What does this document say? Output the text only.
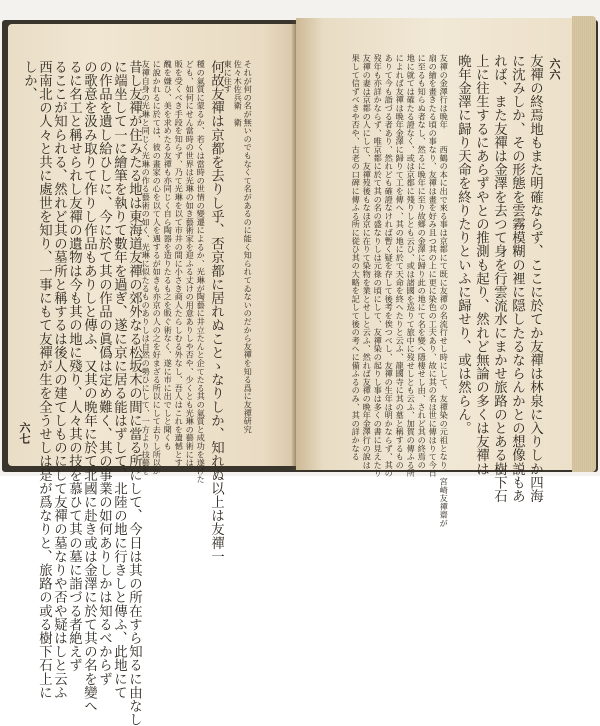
それが何の名が無いのでもなくて名があるのに能く知られてゐないのだから友禪を知る爲に友禪研究
佐々木佐兵衛　衛
東に住す
何故友禪は京都を去りし乎、否京都に居れぬことゝなりしか、知れぬ以上は友禪一
種の氣質に蒙るか、若くは當時の世情の變遷によるか、光琳が陶藝に井立たんと企てたる其の氣質と成功を遂げた
ども、如何にせん當時の世界は光琳の如き藝術家を迎ふる丈けの用意ありしや否や、少くとも光琳の藝術には
販を受くべき手段を知らず、乃て光琳を以て市井の間に小さき商人たらしむる外なし、吾人はこれを遺憾とす
醜を嫌ひ、美を求めたる友禪も亦同じく自ら陶器を造りたるも之を販ぐ術なく、遂に市に出でしと聞くも
に說かれるに於ては、彼の畫家の心を以て人を遇するが如きも亦京の人の之を好まざる所以にして去りし所以か
友禪自身の光琳と同じく光琳の作る藝術の如く、光琳に似たるものありしは自然の勢ひにして、一方より技藝を
昔し友禪が住みたる地は東海道友禪の郊外なる松坂木の間に當る所にして、今日は其の所在すら知るに由なし
に端坐して一に繪筆を執りて數年を過ぎ、遂に京に居る能はずして、北陸の地に行きしと傳ふ、此地にて
の作品を遺し給ひしに、今に於て其の作品の眞僞は定め難く、其の事業の如何ありしかは知るべからず
の歌意を汲み取りて作りし作品もありしと傳ふ、又其の晩年に於て北國に赴き或は金澤に於て其の名を變へ
るに名工と稱せられし友禪の遺物は今も其の地に殘り、人々其の技を慕ひて其の墓に詣づる者絶えず
るここが知られる、然れど其の墓所と稱するは後人の建てしものにして友禪の墓なりや否や疑はしと云ふ
西南北の人々と共に處世を知り、一事にもて友禪が生を全うせしは是が爲なりと、旅路の或る樹下石上に
しか、
六七
六六
友禪の終焉地もまた明確ならず、ここに於てか友禪は林泉に入りしか四海
に沈みしか、その形態を雲霧模糊の裡に隠したるならんかとの想像説もあ
れば、また友禪は金澤を去つて身を行雲流水にまかせ旅路のとある樹下石
上に往生するにあらずやとの推測も起り、然れど無論の多くは友禪は
晩年金澤に歸り天命を終りたりといふに歸せり、或は然らん。
友禪の金澤行は晩年　　西鶴の本に出で來る事は京都にて既に友禪の名流行せし時にして、友禪染の元祖となり、宮崎友禪齋が
扇の繪を畫きたる頃の事なり、友禪は畫を好み且つ其の上に更に染色の工夫あり、故に其の名は世に傳はりて今日
に至るも知らぬ者なし、然るに晩年に至り故郷の金澤に歸り此の地にて名を變へ隱棲せし由、されど其の終焉の
地に就ては確たる證なく、或は京都に殘りしとも云ひ、或は諸國を巡りて旅中に歿せしとも云ふ、加賀の傳ふる所
によれば友禪は晩年金澤に歸りて工を傳へ、其の地に於て天命を終へたりと云ふ、龍國寺に其の墓と稱するもの
ありて今も詣づる者あり、然れども確證なければ暫く疑を存して後考を俟つべし、友禪の生年は明かならず、其の
歿年も亦詳かならず、唯京都に於て其の名の盛なりしは元祿の頃にして、友禪染の起りし事は多くの書に見えたり
友禪の妻は京都の人にして、友禪歿後もなほ京に在りて染物を業とせしと云ふ、然れば友禪の晩年金澤行の說は
果して信ずべきや否や、古老の口碑に傳ふる所に從ひ其の大略を記して後の考へに備ふるのみ、其の詳かなる
